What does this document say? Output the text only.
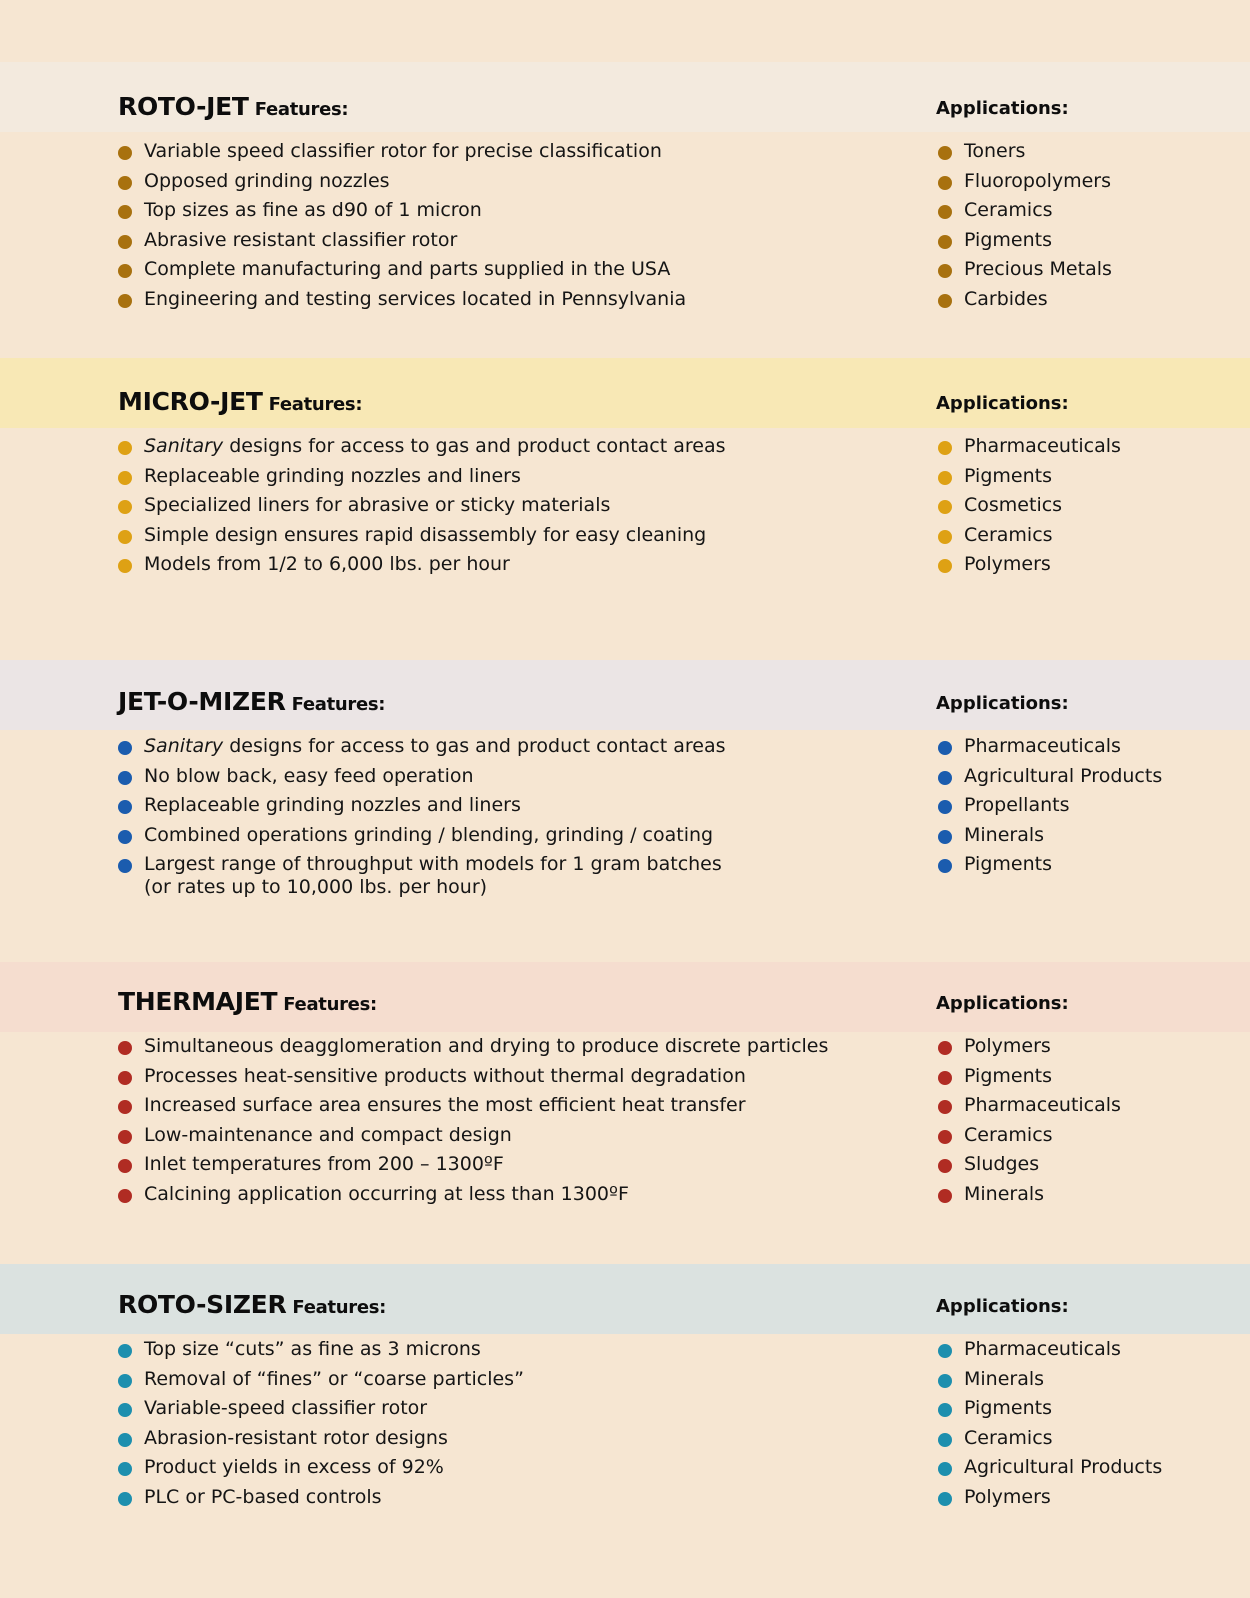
ROTO-JET Features:	Applications:
Variable speed classifier rotor for precise classification
Opposed grinding nozzles
Top sizes as fine as d90 of 1 micron
Abrasive resistant classifier rotor
Complete manufacturing and parts supplied in the USA
Engineering and testing services located in Pennsylvania
Toners
Fluoropolymers
Ceramics
Pigments
Precious Metals
Carbides
MICRO-JET Features:	Applications:
Sanitary designs for access to gas and product contact areas
Replaceable grinding nozzles and liners
Specialized liners for abrasive or sticky materials
Simple design ensures rapid disassembly for easy cleaning
Models from 1/2 to 6,000 lbs. per hour
Pharmaceuticals
Pigments
Cosmetics
Ceramics
Polymers
JET-O-MIZER Features:	Applications:
Sanitary designs for access to gas and product contact areas
No blow back, easy feed operation
Replaceable grinding nozzles and liners
Combined operations grinding / blending, grinding / coating
Largest range of throughput with models for 1 gram batches (or rates up to 10,000 lbs. per hour)
Pharmaceuticals
Agricultural Products
Propellants
Minerals
Pigments
THERMAJET Features:	Applications:
Simultaneous deagglomeration and drying to produce discrete particles
Processes heat-sensitive products without thermal degradation
Increased surface area ensures the most efficient heat transfer
Low-maintenance and compact design
Inlet temperatures from 200 – 1300ºF
Calcining application occurring at less than 1300ºF
Polymers
Pigments
Pharmaceuticals
Ceramics
Sludges
Minerals
ROTO-SIZER Features:	Applications:
Top size “cuts” as fine as 3 microns
Removal of “fines” or “coarse particles”
Variable-speed classifier rotor
Abrasion-resistant rotor designs
Product yields in excess of 92%
PLC or PC-based controls
Pharmaceuticals
Minerals
Pigments
Ceramics
Agricultural Products
Polymers
